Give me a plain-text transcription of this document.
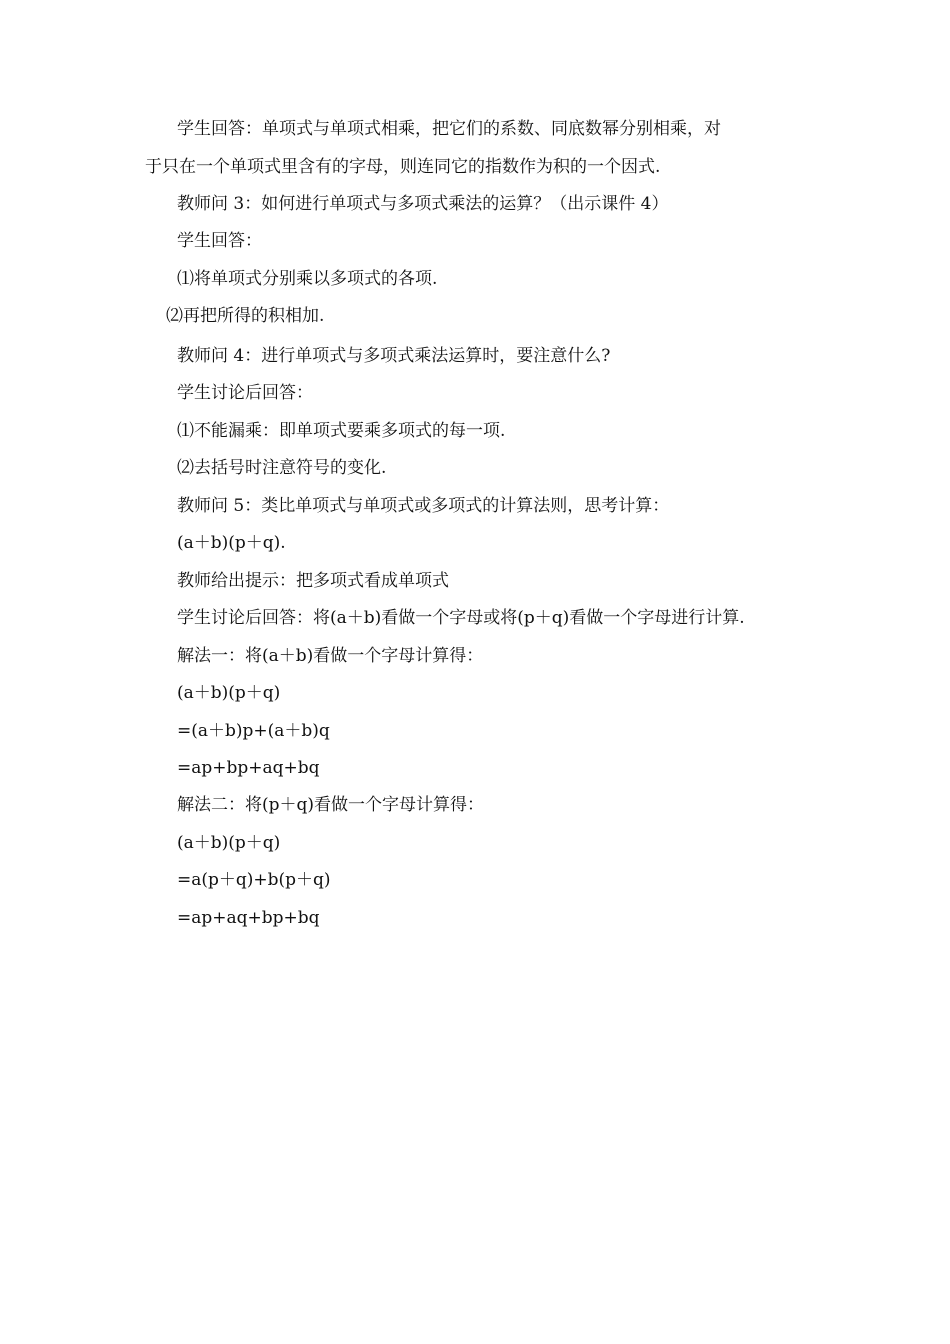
学生回答：单项式与单项式相乘，把它们的系数、同底数幂分别相乘，对
于只在一个单项式里含有的字母，则连同它的指数作为积的一个因式.
教师问 3：如何进行单项式与多项式乘法的运算？（出示课件 4）
学生回答：
⑴将单项式分别乘以多项式的各项.
⑵再把所得的积相加.
教师问 4：进行单项式与多项式乘法运算时，要注意什么?
学生讨论后回答：
⑴不能漏乘：即单项式要乘多项式的每一项.
⑵去括号时注意符号的变化.
教师问 5：类比单项式与单项式或多项式的计算法则，思考计算：
(a＋b)(p＋q).
教师给出提示：把多项式看成单项式
学生讨论后回答：将(a＋b)看做一个字母或将(p＋q)看做一个字母进行计算.
解法一：将(a＋b)看做一个字母计算得：
(a＋b)(p＋q)
=(a＋b)p+(a＋b)q
=ap+bp+aq+bq
解法二：将(p＋q)看做一个字母计算得：
(a＋b)(p＋q)
=a(p＋q)+b(p＋q)
=ap+aq+bp+bq
